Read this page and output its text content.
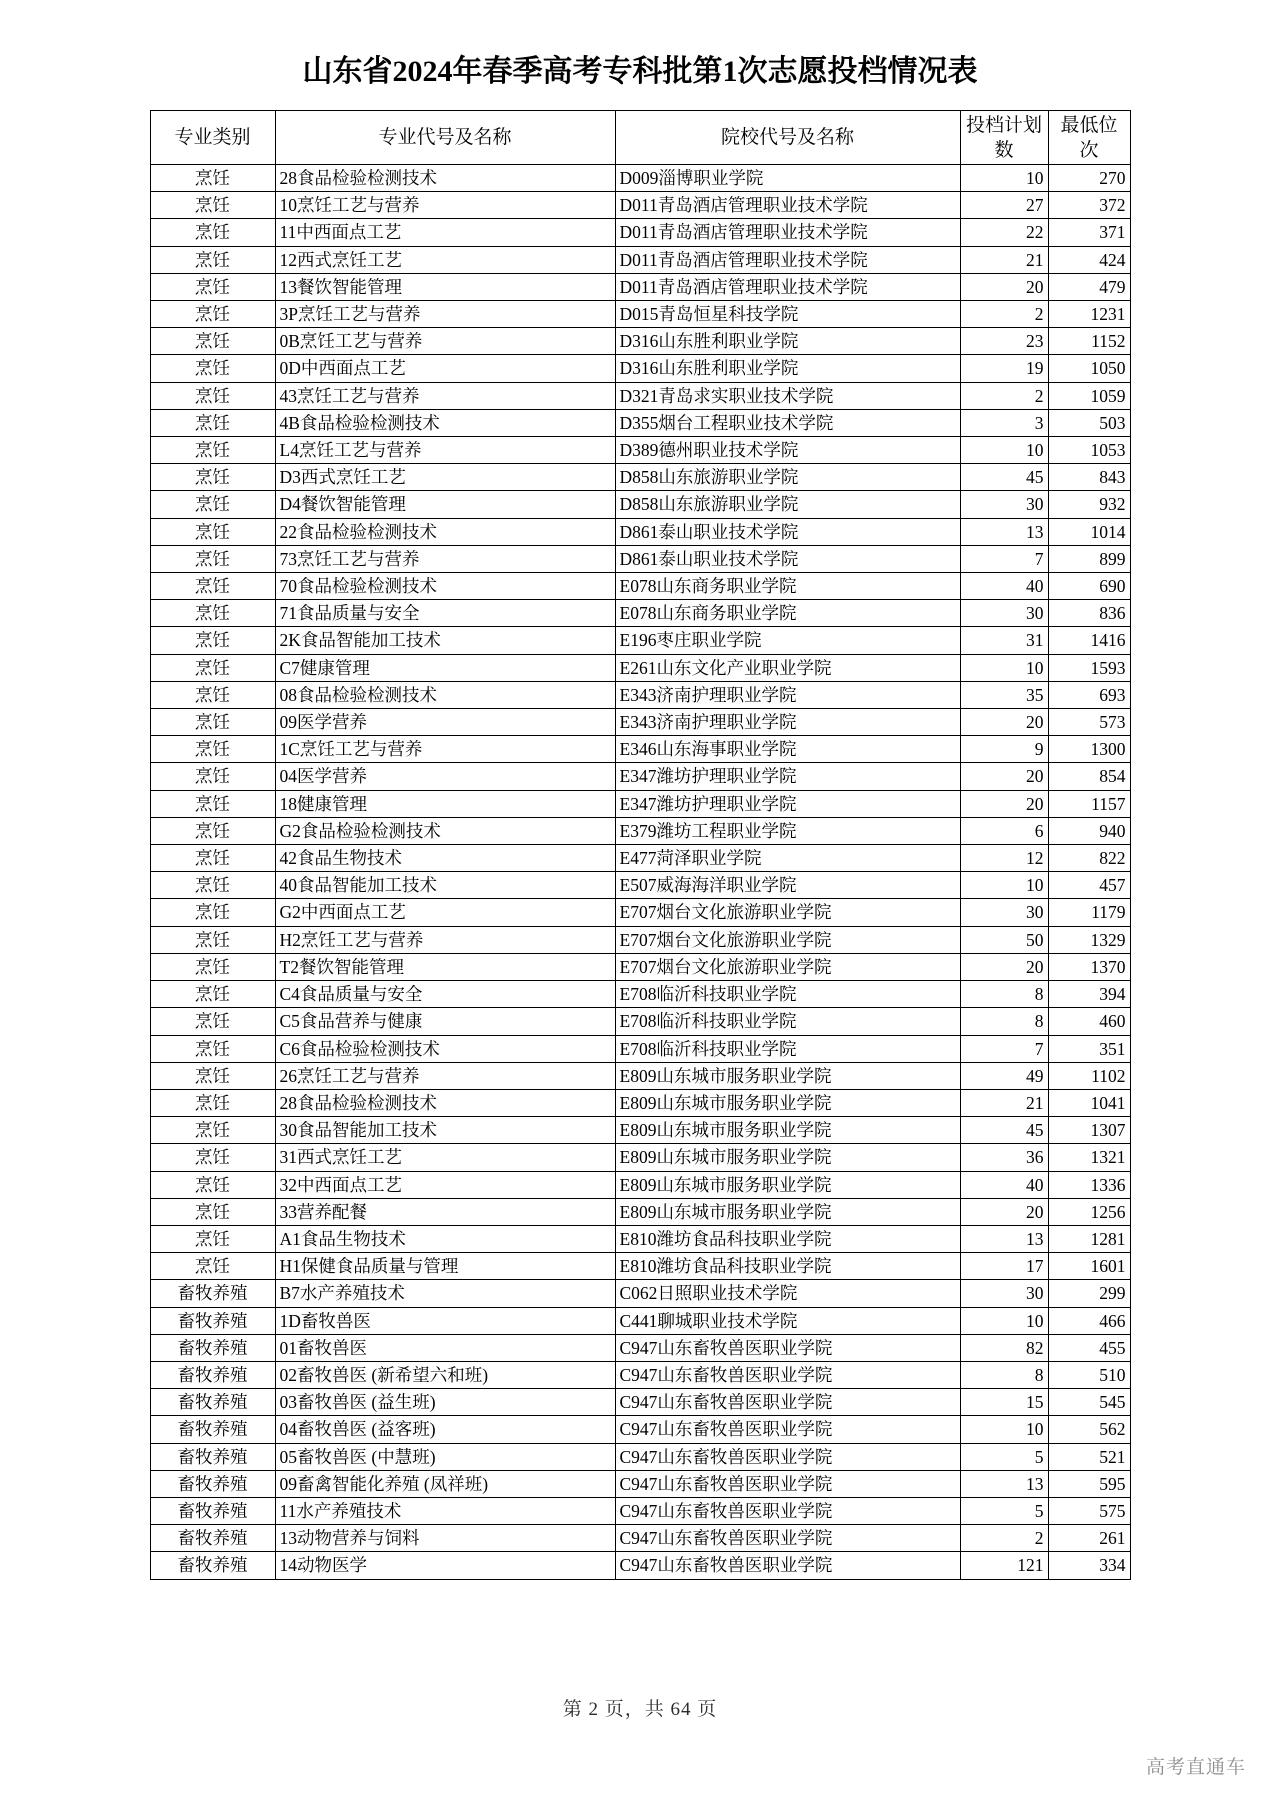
山东省2024年春季高考专科批第1次志愿投档情况表
专业类别	专业代号及名称	院校代号及名称	投档计划数	最低位次
烹饪	28食品检验检测技术	D009淄博职业学院	10	270
烹饪	10烹饪工艺与营养	D011青岛酒店管理职业技术学院	27	372
烹饪	11中西面点工艺	D011青岛酒店管理职业技术学院	22	371
烹饪	12西式烹饪工艺	D011青岛酒店管理职业技术学院	21	424
烹饪	13餐饮智能管理	D011青岛酒店管理职业技术学院	20	479
烹饪	3P烹饪工艺与营养	D015青岛恒星科技学院	2	1231
烹饪	0B烹饪工艺与营养	D316山东胜利职业学院	23	1152
烹饪	0D中西面点工艺	D316山东胜利职业学院	19	1050
烹饪	43烹饪工艺与营养	D321青岛求实职业技术学院	2	1059
烹饪	4B食品检验检测技术	D355烟台工程职业技术学院	3	503
烹饪	L4烹饪工艺与营养	D389德州职业技术学院	10	1053
烹饪	D3西式烹饪工艺	D858山东旅游职业学院	45	843
烹饪	D4餐饮智能管理	D858山东旅游职业学院	30	932
烹饪	22食品检验检测技术	D861泰山职业技术学院	13	1014
烹饪	73烹饪工艺与营养	D861泰山职业技术学院	7	899
烹饪	70食品检验检测技术	E078山东商务职业学院	40	690
烹饪	71食品质量与安全	E078山东商务职业学院	30	836
烹饪	2K食品智能加工技术	E196枣庄职业学院	31	1416
烹饪	C7健康管理	E261山东文化产业职业学院	10	1593
烹饪	08食品检验检测技术	E343济南护理职业学院	35	693
烹饪	09医学营养	E343济南护理职业学院	20	573
烹饪	1C烹饪工艺与营养	E346山东海事职业学院	9	1300
烹饪	04医学营养	E347潍坊护理职业学院	20	854
烹饪	18健康管理	E347潍坊护理职业学院	20	1157
烹饪	G2食品检验检测技术	E379潍坊工程职业学院	6	940
烹饪	42食品生物技术	E477菏泽职业学院	12	822
烹饪	40食品智能加工技术	E507威海海洋职业学院	10	457
烹饪	G2中西面点工艺	E707烟台文化旅游职业学院	30	1179
烹饪	H2烹饪工艺与营养	E707烟台文化旅游职业学院	50	1329
烹饪	T2餐饮智能管理	E707烟台文化旅游职业学院	20	1370
烹饪	C4食品质量与安全	E708临沂科技职业学院	8	394
烹饪	C5食品营养与健康	E708临沂科技职业学院	8	460
烹饪	C6食品检验检测技术	E708临沂科技职业学院	7	351
烹饪	26烹饪工艺与营养	E809山东城市服务职业学院	49	1102
烹饪	28食品检验检测技术	E809山东城市服务职业学院	21	1041
烹饪	30食品智能加工技术	E809山东城市服务职业学院	45	1307
烹饪	31西式烹饪工艺	E809山东城市服务职业学院	36	1321
烹饪	32中西面点工艺	E809山东城市服务职业学院	40	1336
烹饪	33营养配餐	E809山东城市服务职业学院	20	1256
烹饪	A1食品生物技术	E810潍坊食品科技职业学院	13	1281
烹饪	H1保健食品质量与管理	E810潍坊食品科技职业学院	17	1601
畜牧养殖	B7水产养殖技术	C062日照职业技术学院	30	299
畜牧养殖	1D畜牧兽医	C441聊城职业技术学院	10	466
畜牧养殖	01畜牧兽医	C947山东畜牧兽医职业学院	82	455
畜牧养殖	02畜牧兽医 (新希望六和班)	C947山东畜牧兽医职业学院	8	510
畜牧养殖	03畜牧兽医 (益生班)	C947山东畜牧兽医职业学院	15	545
畜牧养殖	04畜牧兽医 (益客班)	C947山东畜牧兽医职业学院	10	562
畜牧养殖	05畜牧兽医 (中慧班)	C947山东畜牧兽医职业学院	5	521
畜牧养殖	09畜禽智能化养殖 (凤祥班)	C947山东畜牧兽医职业学院	13	595
畜牧养殖	11水产养殖技术	C947山东畜牧兽医职业学院	5	575
畜牧养殖	13动物营养与饲料	C947山东畜牧兽医职业学院	2	261
畜牧养殖	14动物医学	C947山东畜牧兽医职业学院	121	334
第 2 页，共 64 页
高考直通车
